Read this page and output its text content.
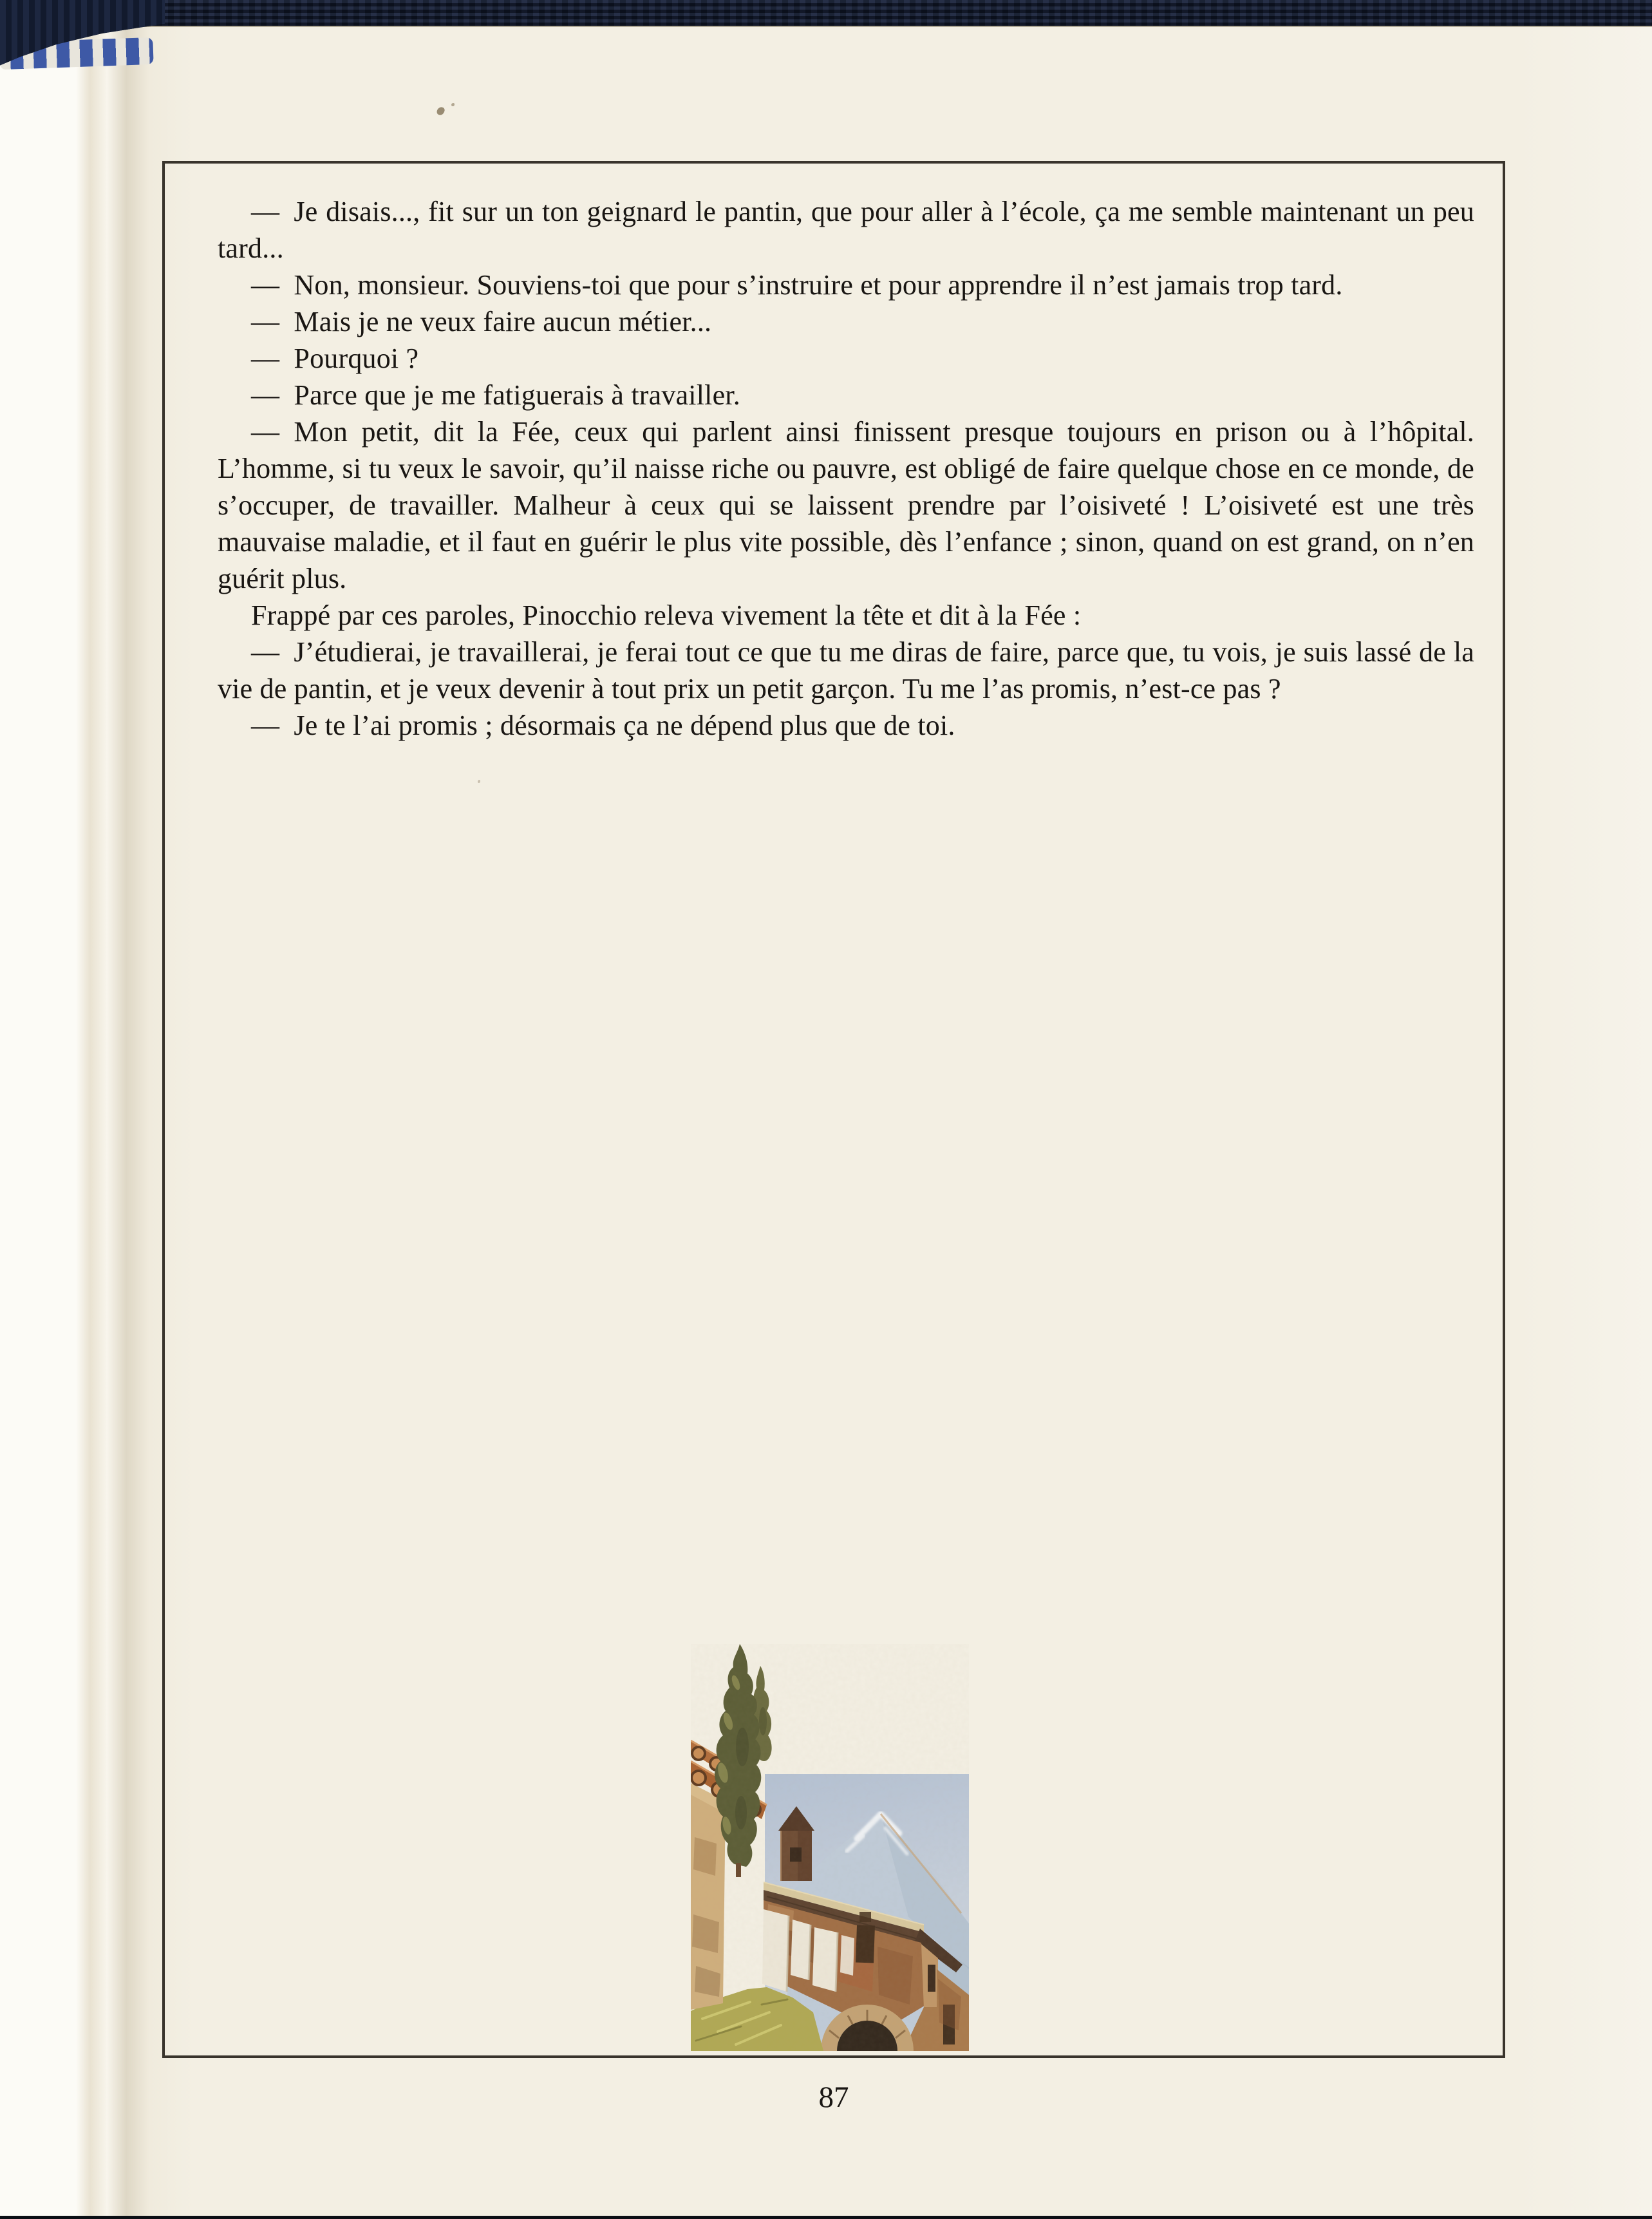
— Je disais..., fit sur un ton geignard le pantin, que pour aller à l’école, ça me semble maintenant un peu tard...

— Non, monsieur. Souviens-toi que pour s’instruire et pour apprendre il n’est jamais trop tard.

— Mais je ne veux faire aucun métier...

— Pourquoi ?

— Parce que je me fatiguerais à travailler.

— Mon petit, dit la Fée, ceux qui parlent ainsi finissent presque toujours en prison ou à l’hôpital. L’homme, si tu veux le savoir, qu’il naisse riche ou pauvre, est obligé de faire quelque chose en ce monde, de s’occuper, de travailler. Malheur à ceux qui se laissent prendre par l’oisiveté ! L’oisiveté est une très mauvaise maladie, et il faut en guérir le plus vite possible, dès l’enfance ; sinon, quand on est grand, on n’en guérit plus.

Frappé par ces paroles, Pinocchio releva vivement la tête et dit à la Fée :

— J’étudierai, je travaillerai, je ferai tout ce que tu me diras de faire, parce que, tu vois, je suis lassé de la vie de pantin, et je veux devenir à tout prix un petit garçon. Tu me l’as promis, n’est-ce pas ?

— Je te l’ai promis ; désormais ça ne dépend plus que de toi.

87
